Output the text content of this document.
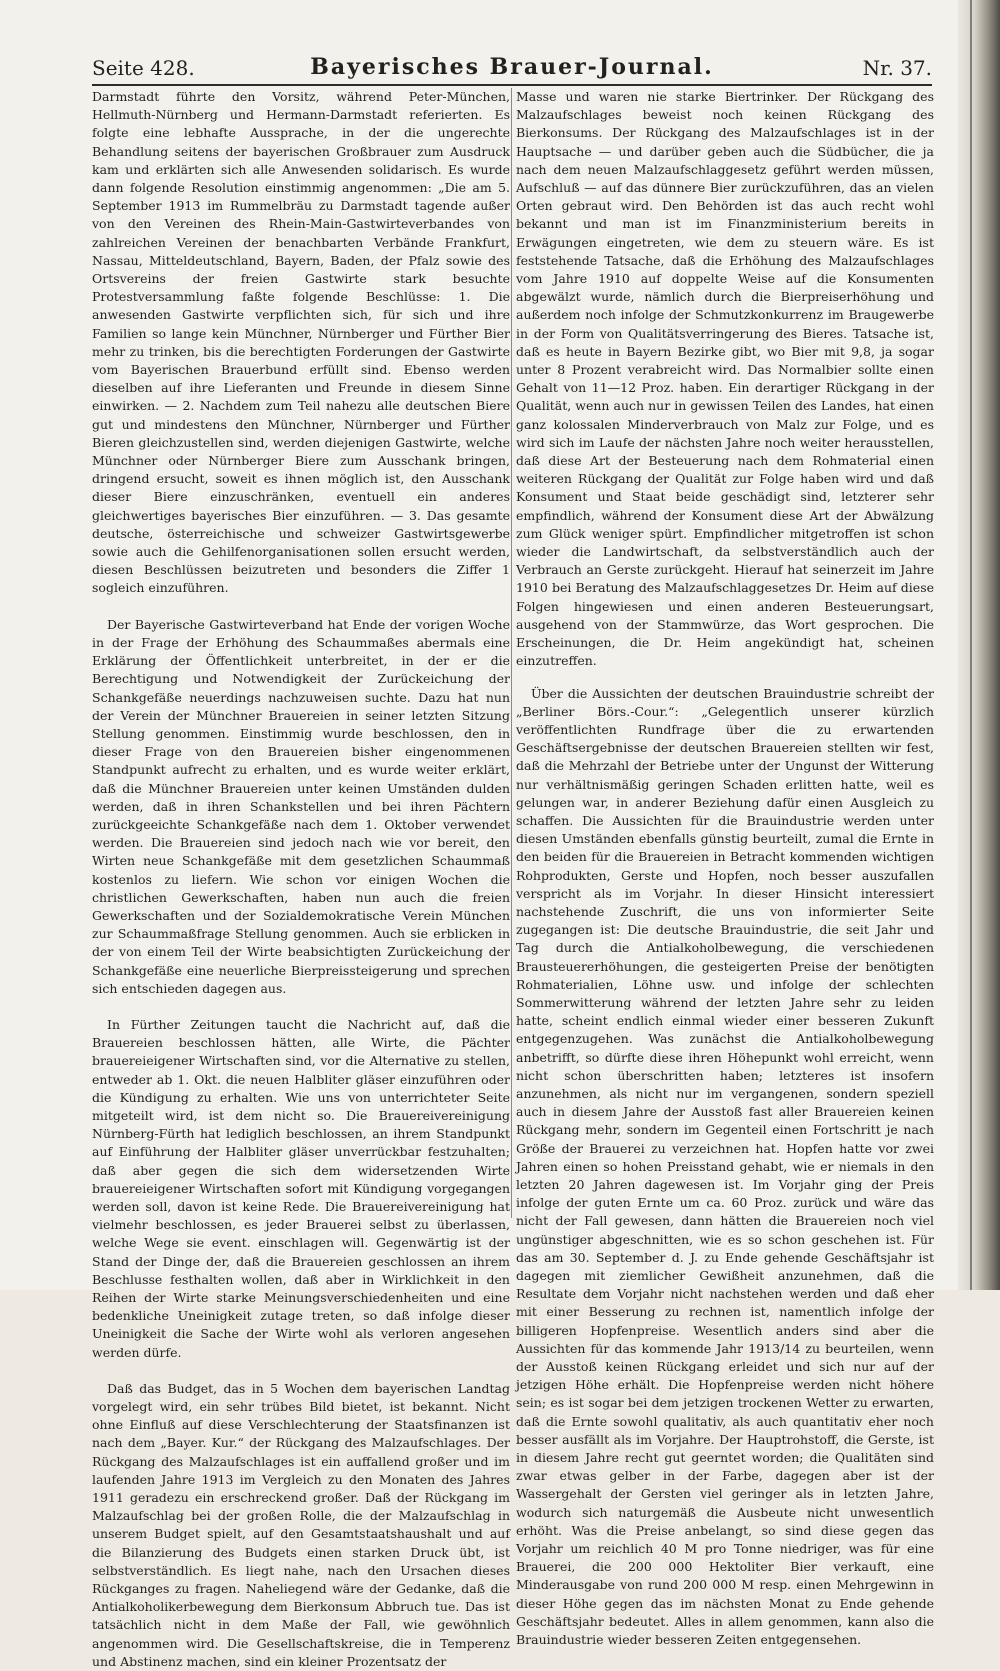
Seite 428.	Bayerisches Brauer-Journal.	Nr. 37.

Darmstadt führte den Vorsitz, während Peter-München, Hellmuth-Nürnberg und Hermann-Darmstadt referierten. Es folgte eine lebhafte Aussprache, in der die ungerechte Behandlung seitens der bayerischen Großbrauer zum Ausdruck kam und erklärten sich alle Anwesenden solidarisch. Es wurde dann folgende Resolution einstimmig angenommen: „Die am 5. September 1913 im Rummelbräu zu Darmstadt tagende außer von den Vereinen des Rhein-Main-Gastwirteverbandes von zahlreichen Vereinen der benachbarten Verbände Frankfurt, Nassau, Mitteldeutschland, Bayern, Baden, der Pfalz sowie des Ortsvereins der freien Gastwirte stark besuchte Protestversammlung faßte folgende Beschlüsse: 1. Die anwesenden Gastwirte verpflichten sich, für sich und ihre Familien so lange kein Münchner, Nürnberger und Fürther Bier mehr zu trinken, bis die berechtigten Forderungen der Gastwirte vom Bayerischen Brauerbund erfüllt sind. Ebenso werden dieselben auf ihre Lieferanten und Freunde in diesem Sinne einwirken. — 2. Nachdem zum Teil nahezu alle deutschen Biere gut und mindestens den Münchner, Nürnberger und Fürther Bieren gleichzustellen sind, werden diejenigen Gastwirte, welche Münchner oder Nürnberger Biere zum Ausschank bringen, dringend ersucht, soweit es ihnen möglich ist, den Ausschank dieser Biere einzuschränken, eventuell ein anderes gleichwertiges bayerisches Bier einzuführen. — 3. Das gesamte deutsche, österreichische und schweizer Gastwirtsgewerbe sowie auch die Gehilfenorganisationen sollen ersucht werden, diesen Beschlüssen beizutreten und besonders die Ziffer 1 sogleich einzuführen.

Der Bayerische Gastwirteverband hat Ende der vorigen Woche in der Frage der Erhöhung des Schaummaßes abermals eine Erklärung der Öffentlichkeit unterbreitet, in der er die Berechtigung und Notwendigkeit der Zurückeichung der Schankgefäße neuerdings nachzuweisen suchte. Dazu hat nun der Verein der Münchner Brauereien in seiner letzten Sitzung Stellung genommen. Einstimmig wurde beschlossen, den in dieser Frage von den Brauereien bisher eingenommenen Standpunkt aufrecht zu erhalten, und es wurde weiter erklärt, daß die Münchner Brauereien unter keinen Umständen dulden werden, daß in ihren Schankstellen und bei ihren Pächtern zurückgeeichte Schankgefäße nach dem 1. Oktober verwendet werden. Die Brauereien sind jedoch nach wie vor bereit, den Wirten neue Schankgefäße mit dem gesetzlichen Schaummaß kostenlos zu liefern. Wie schon vor einigen Wochen die christlichen Gewerkschaften, haben nun auch die freien Gewerkschaften und der Sozialdemokratische Verein München zur Schaummaßfrage Stellung genommen. Auch sie erblicken in der von einem Teil der Wirte beabsichtigten Zurückeichung der Schankgefäße eine neuerliche Bierpreissteigerung und sprechen sich entschieden dagegen aus.

In Fürther Zeitungen taucht die Nachricht auf, daß die Brauereien beschlossen hätten, alle Wirte, die Pächter brauereieigener Wirtschaften sind, vor die Alternative zu stellen, entweder ab 1. Okt. die neuen Halbliter gläser einzuführen oder die Kündigung zu erhalten. Wie uns von unterrichteter Seite mitgeteilt wird, ist dem nicht so. Die Brauereivereinigung Nürnberg-Fürth hat lediglich beschlossen, an ihrem Standpunkt auf Einführung der Halbliter gläser unverrückbar festzuhalten; daß aber gegen die sich dem widersetzenden Wirte brauereieigener Wirtschaften sofort mit Kündigung vorgegangen werden soll, davon ist keine Rede. Die Brauereivereinigung hat vielmehr beschlossen, es jeder Brauerei selbst zu überlassen, welche Wege sie event. einschlagen will. Gegenwärtig ist der Stand der Dinge der, daß die Brauereien geschlossen an ihrem Beschlusse festhalten wollen, daß aber in Wirklichkeit in den Reihen der Wirte starke Meinungsverschiedenheiten und eine bedenkliche Uneinigkeit zutage treten, so daß infolge dieser Uneinigkeit die Sache der Wirte wohl als verloren angesehen werden dürfe.

Daß das Budget, das in 5 Wochen dem bayerischen Landtag vorgelegt wird, ein sehr trübes Bild bietet, ist bekannt. Nicht ohne Einfluß auf diese Verschlechterung der Staatsfinanzen ist nach dem „Bayer. Kur.“ der Rückgang des Malzaufschlages. Der Rückgang des Malzaufschlages ist ein auffallend großer und im laufenden Jahre 1913 im Vergleich zu den Monaten des Jahres 1911 geradezu ein erschreckend großer. Daß der Rückgang im Malzaufschlag bei der großen Rolle, die der Malzaufschlag in unserem Budget spielt, auf den Gesamtstaatshaushalt und auf die Bilanzierung des Budgets einen starken Druck übt, ist selbstverständlich. Es liegt nahe, nach den Ursachen dieses Rückganges zu fragen. Naheliegend wäre der Gedanke, daß die Antialkoholikerbewegung dem Bierkonsum Abbruch tue. Das ist tatsächlich nicht in dem Maße der Fall, wie gewöhnlich angenommen wird. Die Gesellschaftskreise, die in Temperenz und Abstinenz machen, sind ein kleiner Prozentsatz der

Masse und waren nie starke Biertrinker. Der Rückgang des Malzaufschlages beweist noch keinen Rückgang des Bierkonsums. Der Rückgang des Malzaufschlages ist in der Hauptsache — und darüber geben auch die Südbücher, die ja nach dem neuen Malzaufschlaggesetz geführt werden müssen, Aufschluß — auf das dünnere Bier zurückzuführen, das an vielen Orten gebraut wird. Den Behörden ist das auch recht wohl bekannt und man ist im Finanzministerium bereits in Erwägungen eingetreten, wie dem zu steuern wäre. Es ist feststehende Tatsache, daß die Erhöhung des Malzaufschlages vom Jahre 1910 auf doppelte Weise auf die Konsumenten abgewälzt wurde, nämlich durch die Bierpreiserhöhung und außerdem noch infolge der Schmutzkonkurrenz im Braugewerbe in der Form von Qualitätsverringerung des Bieres. Tatsache ist, daß es heute in Bayern Bezirke gibt, wo Bier mit 9,8, ja sogar unter 8 Prozent verabreicht wird. Das Normalbier sollte einen Gehalt von 11—12 Proz. haben. Ein derartiger Rückgang in der Qualität, wenn auch nur in gewissen Teilen des Landes, hat einen ganz kolossalen Minderverbrauch von Malz zur Folge, und es wird sich im Laufe der nächsten Jahre noch weiter herausstellen, daß diese Art der Besteuerung nach dem Rohmaterial einen weiteren Rückgang der Qualität zur Folge haben wird und daß Konsument und Staat beide geschädigt sind, letzterer sehr empfindlich, während der Konsument diese Art der Abwälzung zum Glück weniger spürt. Empfindlicher mitgetroffen ist schon wieder die Landwirtschaft, da selbstverständlich auch der Verbrauch an Gerste zurückgeht. Hierauf hat seinerzeit im Jahre 1910 bei Beratung des Malzaufschlaggesetzes Dr. Heim auf diese Folgen hingewiesen und einen anderen Besteuerungsart, ausgehend von der Stammwürze, das Wort gesprochen. Die Erscheinungen, die Dr. Heim angekündigt hat, scheinen einzutreffen.

Über die Aussichten der deutschen Brauindustrie schreibt der „Berliner Börs.-Cour.“: „Gelegentlich unserer kürzlich veröffentlichten Rundfrage über die zu erwartenden Geschäftsergebnisse der deutschen Brauereien stellten wir fest, daß die Mehrzahl der Betriebe unter der Ungunst der Witterung nur verhältnismäßig geringen Schaden erlitten hatte, weil es gelungen war, in anderer Beziehung dafür einen Ausgleich zu schaffen. Die Aussichten für die Brauindustrie werden unter diesen Umständen ebenfalls günstig beurteilt, zumal die Ernte in den beiden für die Brauereien in Betracht kommenden wichtigen Rohprodukten, Gerste und Hopfen, noch besser auszufallen verspricht als im Vorjahr. In dieser Hinsicht interessiert nachstehende Zuschrift, die uns von informierter Seite zugegangen ist: Die deutsche Brauindustrie, die seit Jahr und Tag durch die Antialkoholbewegung, die verschiedenen Brausteuererhöhungen, die gesteigerten Preise der benötigten Rohmaterialien, Löhne usw. und infolge der schlechten Sommerwitterung während der letzten Jahre sehr zu leiden hatte, scheint endlich einmal wieder einer besseren Zukunft entgegenzugehen. Was zunächst die Antialkoholbewegung anbetrifft, so dürfte diese ihren Höhepunkt wohl erreicht, wenn nicht schon überschritten haben; letzteres ist insofern anzunehmen, als nicht nur im vergangenen, sondern speziell auch in diesem Jahre der Ausstoß fast aller Brauereien keinen Rückgang mehr, sondern im Gegenteil einen Fortschritt je nach Größe der Brauerei zu verzeichnen hat. Hopfen hatte vor zwei Jahren einen so hohen Preisstand gehabt, wie er niemals in den letzten 20 Jahren dagewesen ist. Im Vorjahr ging der Preis infolge der guten Ernte um ca. 60 Proz. zurück und wäre das nicht der Fall gewesen, dann hätten die Brauereien noch viel ungünstiger abgeschnitten, wie es so schon geschehen ist. Für das am 30. September d. J. zu Ende gehende Geschäftsjahr ist dagegen mit ziemlicher Gewißheit anzunehmen, daß die Resultate dem Vorjahr nicht nachstehen werden und daß eher mit einer Besserung zu rechnen ist, namentlich infolge der billigeren Hopfenpreise. Wesentlich anders sind aber die Aussichten für das kommende Jahr 1913/14 zu beurteilen, wenn der Ausstoß keinen Rückgang erleidet und sich nur auf der jetzigen Höhe erhält. Die Hopfenpreise werden nicht höhere sein; es ist sogar bei dem jetzigen trockenen Wetter zu erwarten, daß die Ernte sowohl qualitativ, als auch quantitativ eher noch besser ausfällt als im Vorjahre. Der Hauptrohstoff, die Gerste, ist in diesem Jahre recht gut geerntet worden; die Qualitäten sind zwar etwas gelber in der Farbe, dagegen aber ist der Wassergehalt der Gersten viel geringer als in letzten Jahre, wodurch sich naturgemäß die Ausbeute nicht unwesentlich erhöht. Was die Preise anbelangt, so sind diese gegen das Vorjahr um reichlich 40 M pro Tonne niedriger, was für eine Brauerei, die 200 000 Hektoliter Bier verkauft, eine Minderausgabe von rund 200 000 M resp. einen Mehrgewinn in dieser Höhe gegen das im nächsten Monat zu Ende gehende Geschäftsjahr bedeutet. Alles in allem genommen, kann also die Brauindustrie wieder besseren Zeiten entgegensehen.
